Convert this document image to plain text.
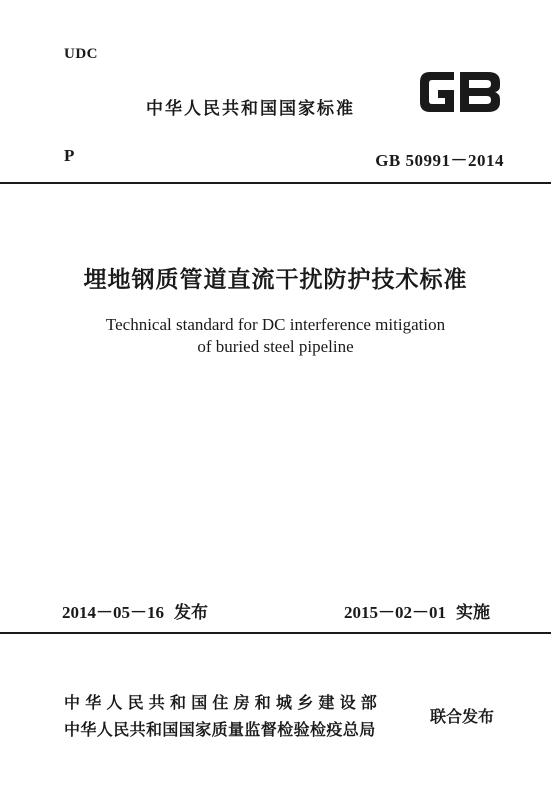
UDC
中华人民共和国国家标准
P	GB 50991－2014
埋地钢质管道直流干扰防护技术标准
Technical standard for DC interference mitigation
of buried steel pipeline
2014－05－16 发布	2015－02－01 实施
中华人民共和国住房和城乡建设部
中华人民共和国国家质量监督检验检疫总局
联合发布
